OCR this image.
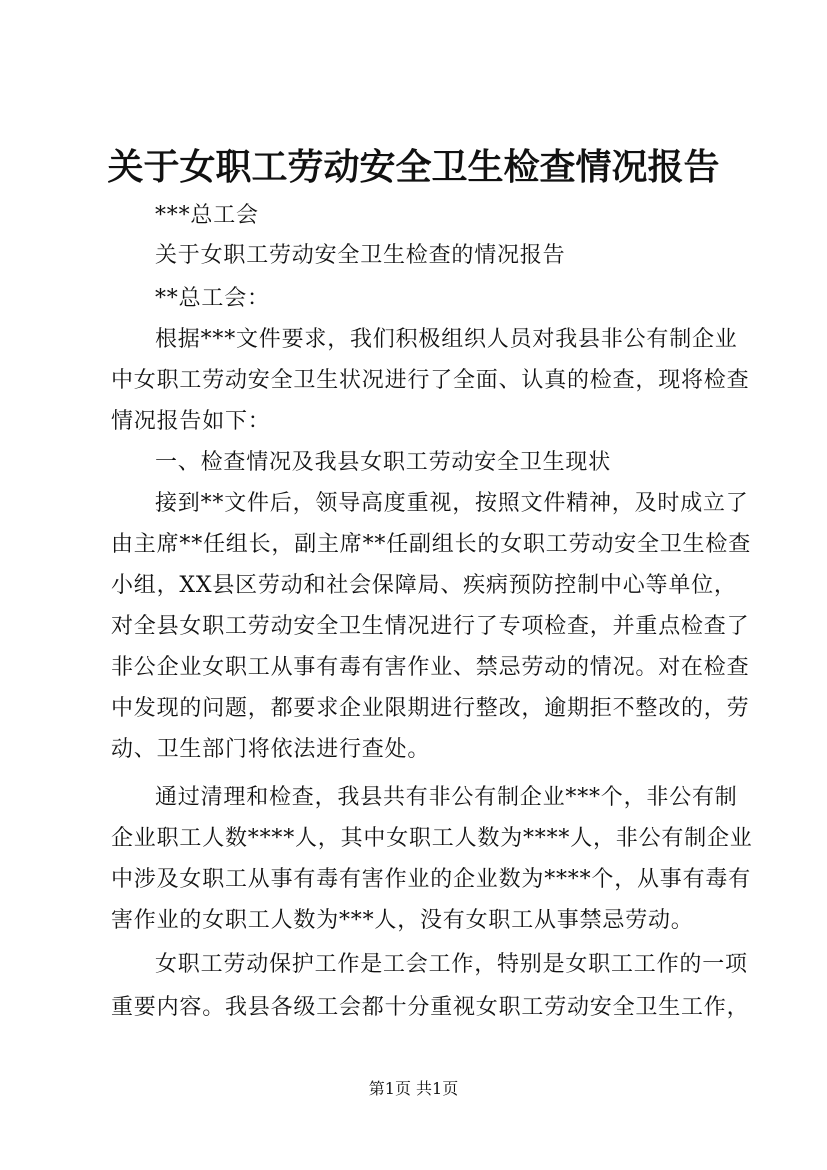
关于女职工劳动安全卫生检查情况报告
***总工会
关于女职工劳动安全卫生检查的情况报告
**总工会：
根据***文件要求，我们积极组织人员对我县非公有制企业
中女职工劳动安全卫生状况进行了全面、认真的检查，现将检查
情况报告如下：
一、检查情况及我县女职工劳动安全卫生现状
接到**文件后，领导高度重视，按照文件精神，及时成立了
由主席**任组长，副主席**任副组长的女职工劳动安全卫生检查
小组，XX县区劳动和社会保障局、疾病预防控制中心等单位，
对全县女职工劳动安全卫生情况进行了专项检查，并重点检查了
非公企业女职工从事有毒有害作业、禁忌劳动的情况。对在检查
中发现的问题，都要求企业限期进行整改，逾期拒不整改的，劳
动、卫生部门将依法进行查处。
通过清理和检查，我县共有非公有制企业***个，非公有制
企业职工人数****人，其中女职工人数为****人，非公有制企业
中涉及女职工从事有毒有害作业的企业数为****个，从事有毒有
害作业的女职工人数为***人，没有女职工从事禁忌劳动。
女职工劳动保护工作是工会工作，特别是女职工工作的一项
重要内容。我县各级工会都十分重视女职工劳动安全卫生工作，
第1页 共1页
